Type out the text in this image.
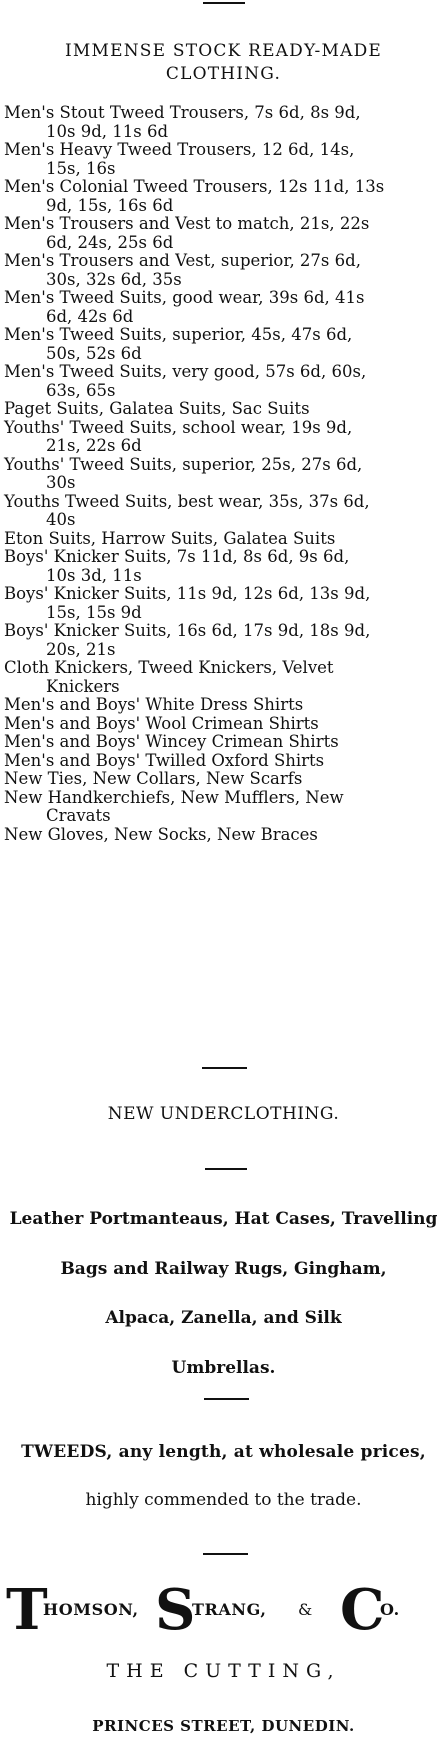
IMMENSE STOCK READY-MADE
CLOTHING.
Men's Stout Tweed Trousers, 7s 6d, 8s 9d,
10s 9d, 11s 6d
Men's Heavy Tweed Trousers, 12 6d, 14s,
15s, 16s
Men's Colonial Tweed Trousers, 12s 11d, 13s
9d, 15s, 16s 6d
Men's Trousers and Vest to match, 21s, 22s
6d, 24s, 25s 6d
Men's Trousers and Vest, superior, 27s 6d,
30s, 32s 6d, 35s
Men's Tweed Suits, good wear, 39s 6d, 41s
6d, 42s 6d
Men's Tweed Suits, superior, 45s, 47s 6d,
50s, 52s 6d
Men's Tweed Suits, very good, 57s 6d, 60s,
63s, 65s
Paget Suits, Galatea Suits, Sac Suits
Youths' Tweed Suits, school wear, 19s 9d,
21s, 22s 6d
Youths' Tweed Suits, superior, 25s, 27s 6d,
30s
Youths Tweed Suits, best wear, 35s, 37s 6d,
40s
Eton Suits, Harrow Suits, Galatea Suits
Boys' Knicker Suits, 7s 11d, 8s 6d, 9s 6d,
10s 3d, 11s
Boys' Knicker Suits, 11s 9d, 12s 6d, 13s 9d,
15s, 15s 9d
Boys' Knicker Suits, 16s 6d, 17s 9d, 18s 9d,
20s, 21s
Cloth Knickers, Tweed Knickers, Velvet
Knickers
Men's and Boys' White Dress Shirts
Men's and Boys' Wool Crimean Shirts
Men's and Boys' Wincey Crimean Shirts
Men's and Boys' Twilled Oxford Shirts
New Ties, New Collars, New Scarfs
New Handkerchiefs, New Mufflers, New
Cravats
New Gloves, New Socks, New Braces
NEW UNDERCLOTHING.
Leather Portmanteaus, Hat Cases, Travelling
Bags and Railway Rugs, Gingham,
Alpaca, Zanella, and Silk
Umbrellas.
TWEEDS, any length, at wholesale prices,
highly commended to the trade.
T
HOMSON, S
TRANG, & C
O.
THE CUTTING,
PRINCES STREET, DUNEDIN.
